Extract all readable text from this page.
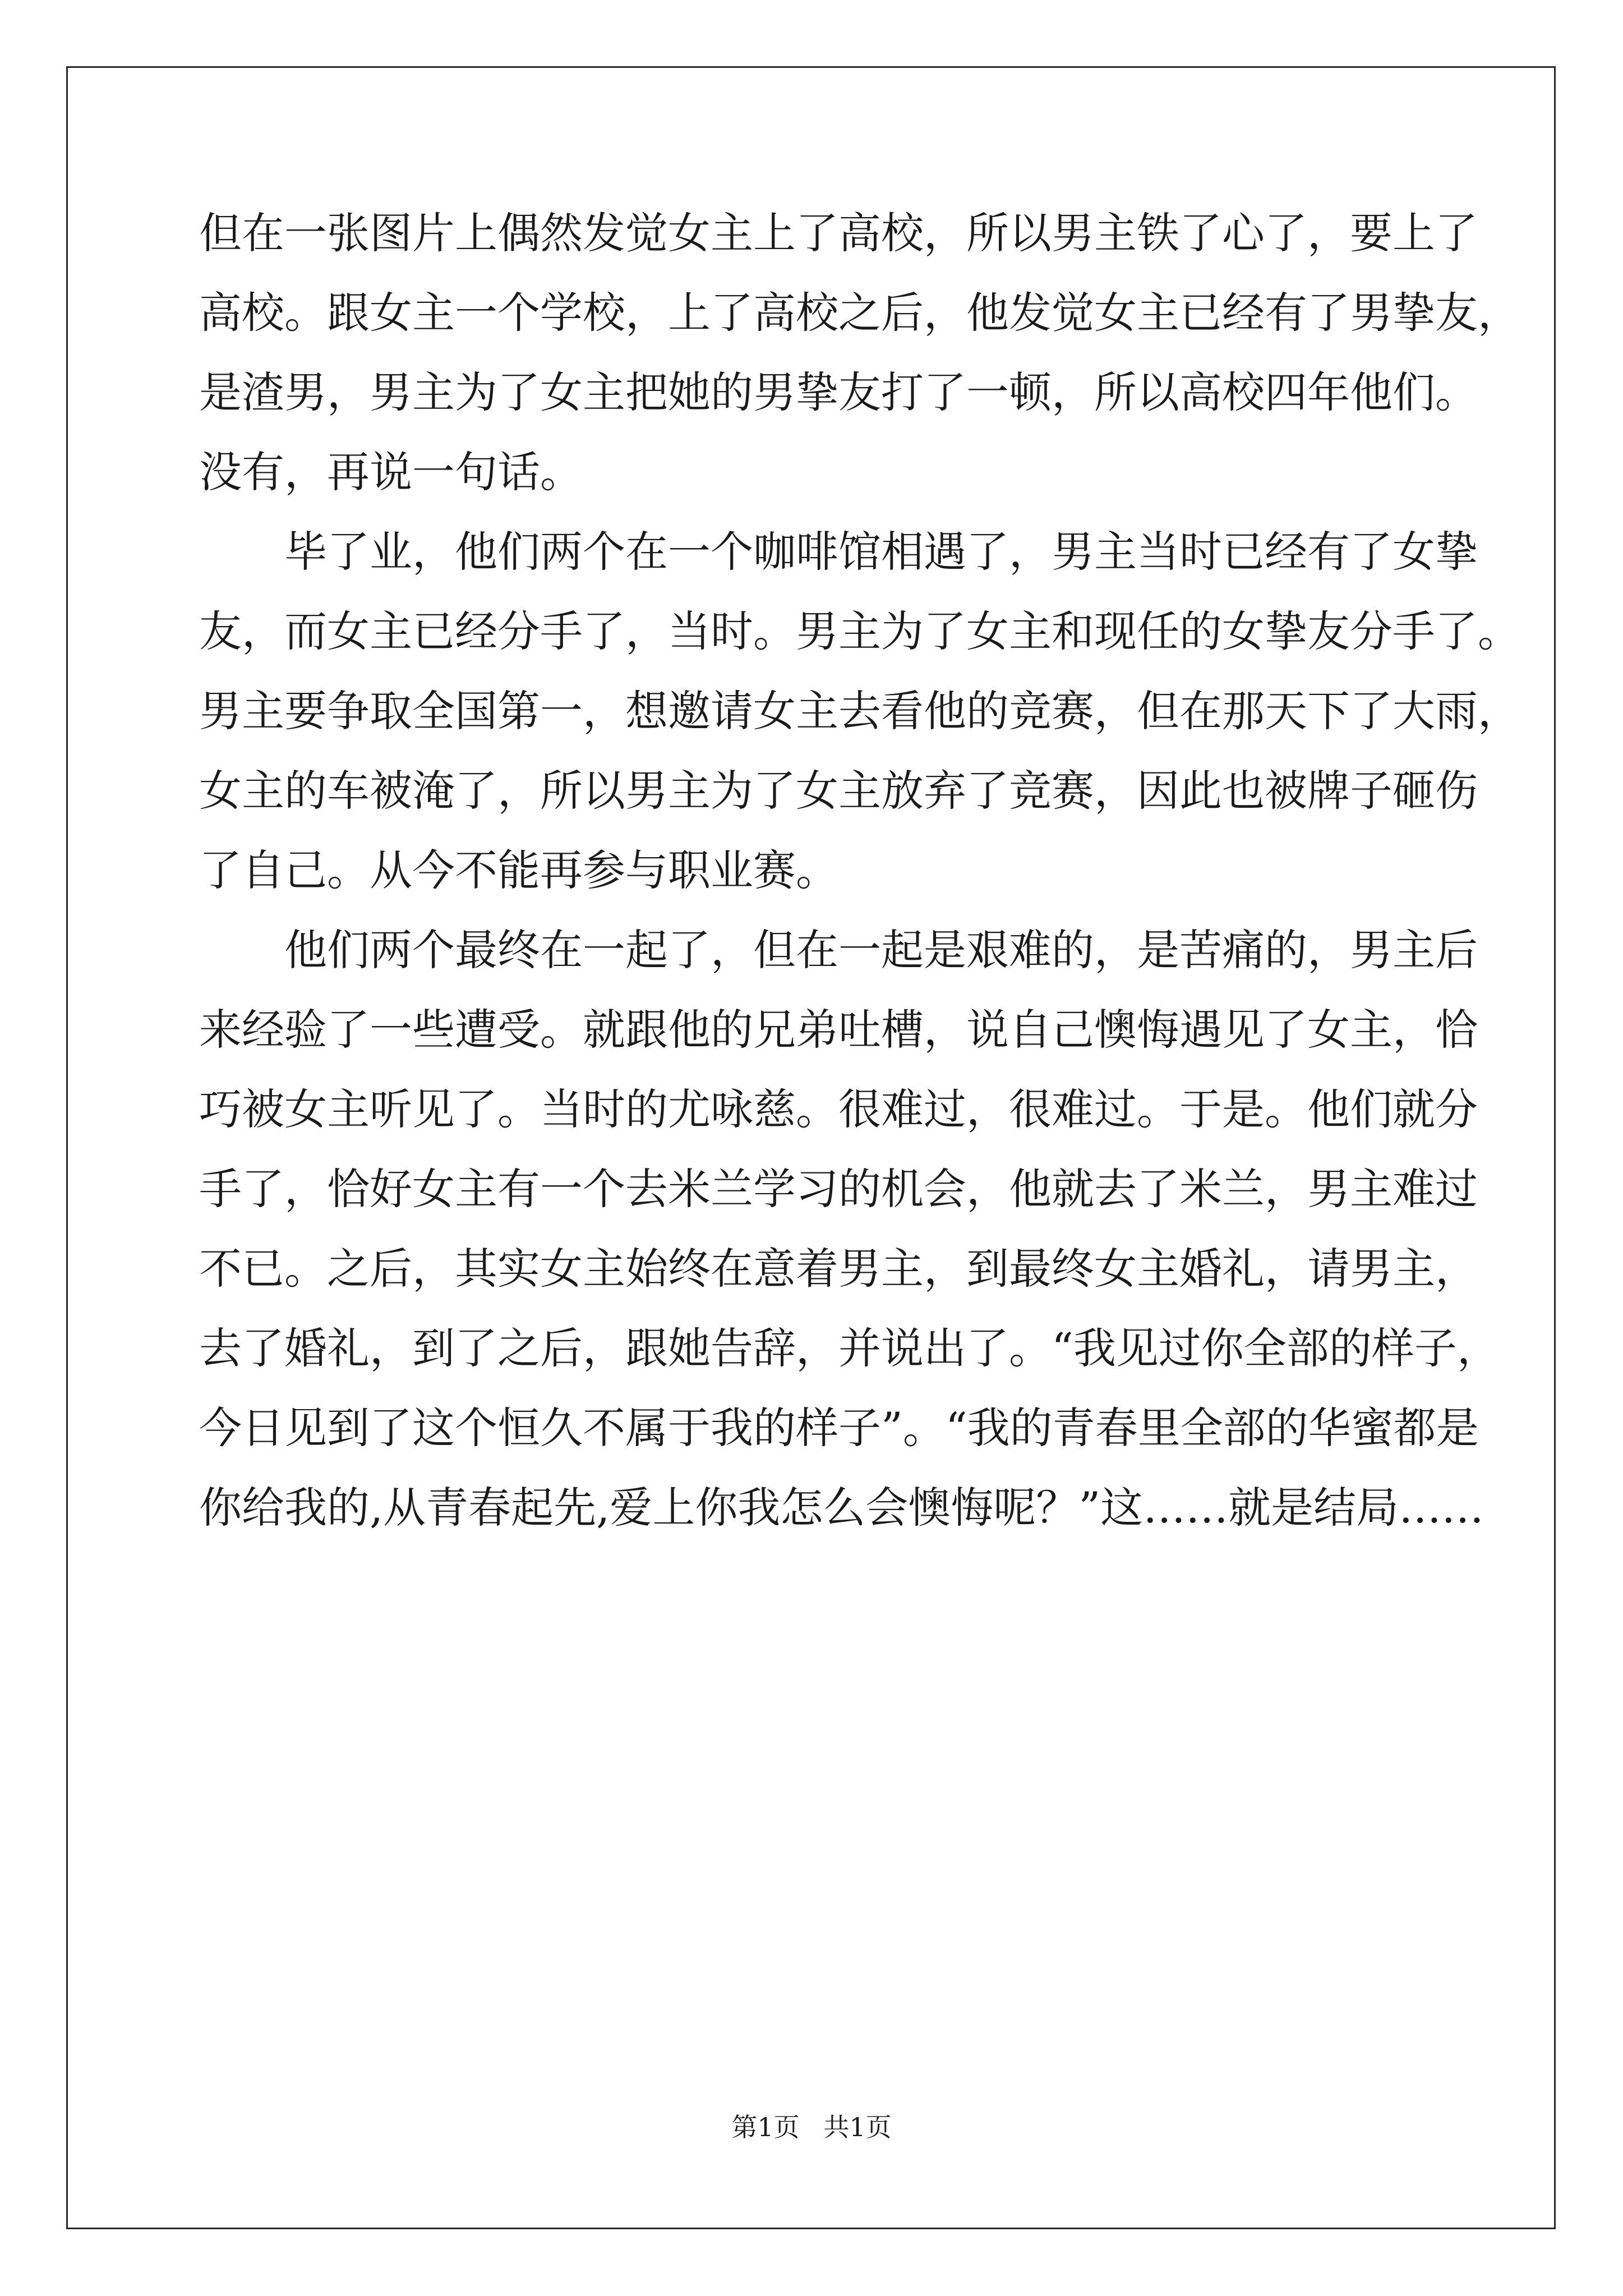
但在一张图片上偶然发觉女主上了高校，所以男主铁了心了，要上了
高校。跟女主一个学校，上了高校之后，他发觉女主已经有了男挚友，
是渣男，男主为了女主把她的男挚友打了一顿，所以高校四年他们。
没有，再说一句话。
毕了业，他们两个在一个咖啡馆相遇了，男主当时已经有了女挚
友，而女主已经分手了，当时。男主为了女主和现任的女挚友分手了。
男主要争取全国第一，想邀请女主去看他的竞赛，但在那天下了大雨，
女主的车被淹了，所以男主为了女主放弃了竞赛，因此也被牌子砸伤
了自己。从今不能再参与职业赛。
他们两个最终在一起了，但在一起是艰难的，是苦痛的，男主后
来经验了一些遭受。就跟他的兄弟吐槽，说自己懊悔遇见了女主，恰
巧被女主听见了。当时的尤咏慈。很难过，很难过。于是。他们就分
手了，恰好女主有一个去米兰学习的机会，他就去了米兰，男主难过
不已。之后，其实女主始终在意着男主，到最终女主婚礼，请男主，
去了婚礼，到了之后，跟她告辞，并说出了。“我见过你全部的样子，
今日见到了这个恒久不属于我的样子”。“我的青春里全部的华蜜都是
你给我的,从青春起先,爱上你我怎么会懊悔呢？”这……就是结局……
第1页 共1页
